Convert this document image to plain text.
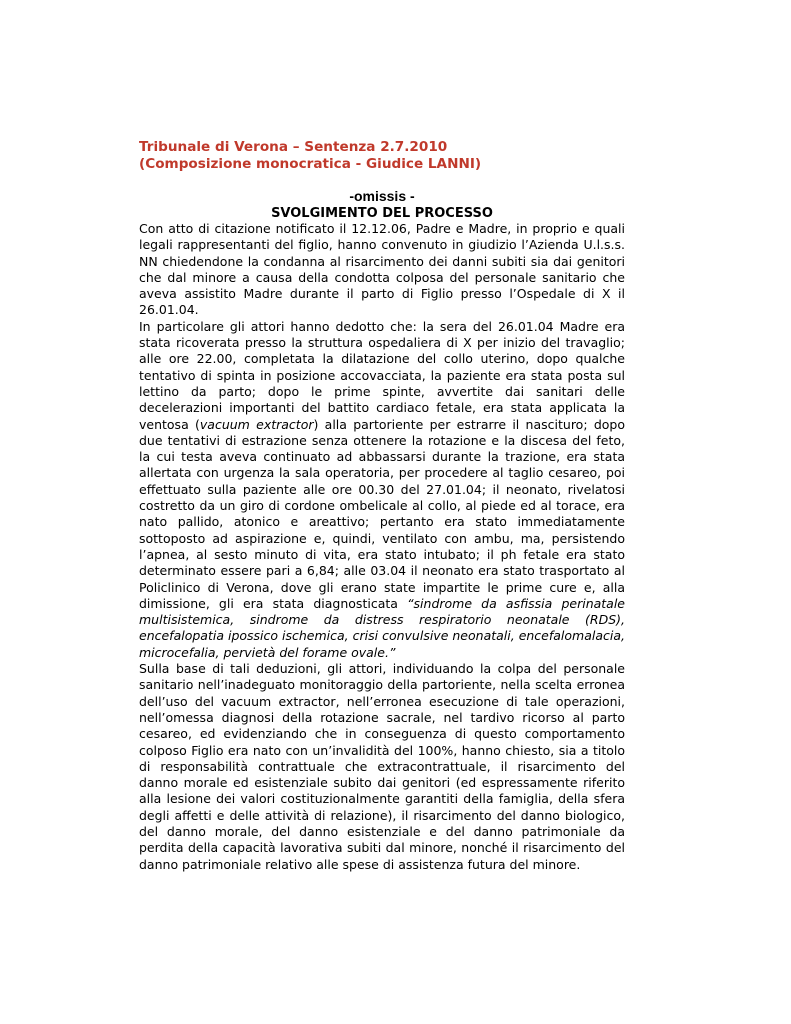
Tribunale di Verona – Sentenza 2.7.2010
(Composizione monocratica - Giudice LANNI)
-omissis -
SVOLGIMENTO DEL PROCESSO

Con atto di citazione notificato il 12.12.06, Padre e Madre, in proprio e quali legali rappresentanti del figlio, hanno convenuto in giudizio l’Azienda U.l.s.s. NN chiedendone la condanna al risarcimento dei danni subiti sia dai genitori che dal minore a causa della condotta colposa del personale sanitario che aveva assistito Madre durante il parto di Figlio presso l’Ospedale di X il 26.01.04.

In particolare gli attori hanno dedotto che: la sera del 26.01.04 Madre era stata ricoverata presso la struttura ospedaliera di X per inizio del travaglio; alle ore 22.00, completata la dilatazione del collo uterino, dopo qualche tentativo di spinta in posizione accovacciata, la paziente era stata posta sul lettino da parto; dopo le prime spinte, avvertite dai sanitari delle decelerazioni importanti del battito cardiaco fetale, era stata applicata la ventosa (vacuum extractor) alla partoriente per estrarre il nascituro; dopo due tentativi di estrazione senza ottenere la rotazione e la discesa del feto, la cui testa aveva continuato ad abbassarsi durante la trazione, era stata allertata con urgenza la sala operatoria, per procedere al taglio cesareo, poi effettuato sulla paziente alle ore 00.30 del 27.01.04; il neonato, rivelatosi costretto da un giro di cordone ombelicale al collo, al piede ed al torace, era nato pallido, atonico e areattivo; pertanto era stato immediatamente sottoposto ad aspirazione e, quindi, ventilato con ambu, ma, persistendo l’apnea, al sesto minuto di vita, era stato intubato; il ph fetale era stato determinato essere pari a 6,84; alle 03.04 il neonato era stato trasportato al Policlinico di Verona, dove gli erano state impartite le prime cure e, alla dimissione, gli era stata diagnosticata “sindrome da asfissia perinatale multisistemica, sindrome da distress respiratorio neonatale (RDS), encefalopatia ipossico ischemica, crisi convulsive neonatali, encefalomalacia, microcefalia, pervietà del forame ovale.”

Sulla base di tali deduzioni, gli attori, individuando la colpa del personale sanitario nell’inadeguato monitoraggio della partoriente, nella scelta erronea dell’uso del vacuum extractor, nell’erronea esecuzione di tale operazioni, nell’omessa diagnosi della rotazione sacrale, nel tardivo ricorso al parto cesareo, ed evidenziando che in conseguenza di questo comportamento colposo Figlio era nato con un’invalidità del 100%, hanno chiesto, sia a titolo di responsabilità contrattuale che extracontrattuale, il risarcimento del danno morale ed esistenziale subito dai genitori (ed espressamente riferito alla lesione dei valori costituzionalmente garantiti della famiglia, della sfera degli affetti e delle attività di relazione), il risarcimento del danno biologico, del danno morale, del danno esistenziale e del danno patrimoniale da perdita della capacità lavorativa subiti dal minore, nonché il risarcimento del danno patrimoniale relativo alle spese di assistenza futura del minore.
